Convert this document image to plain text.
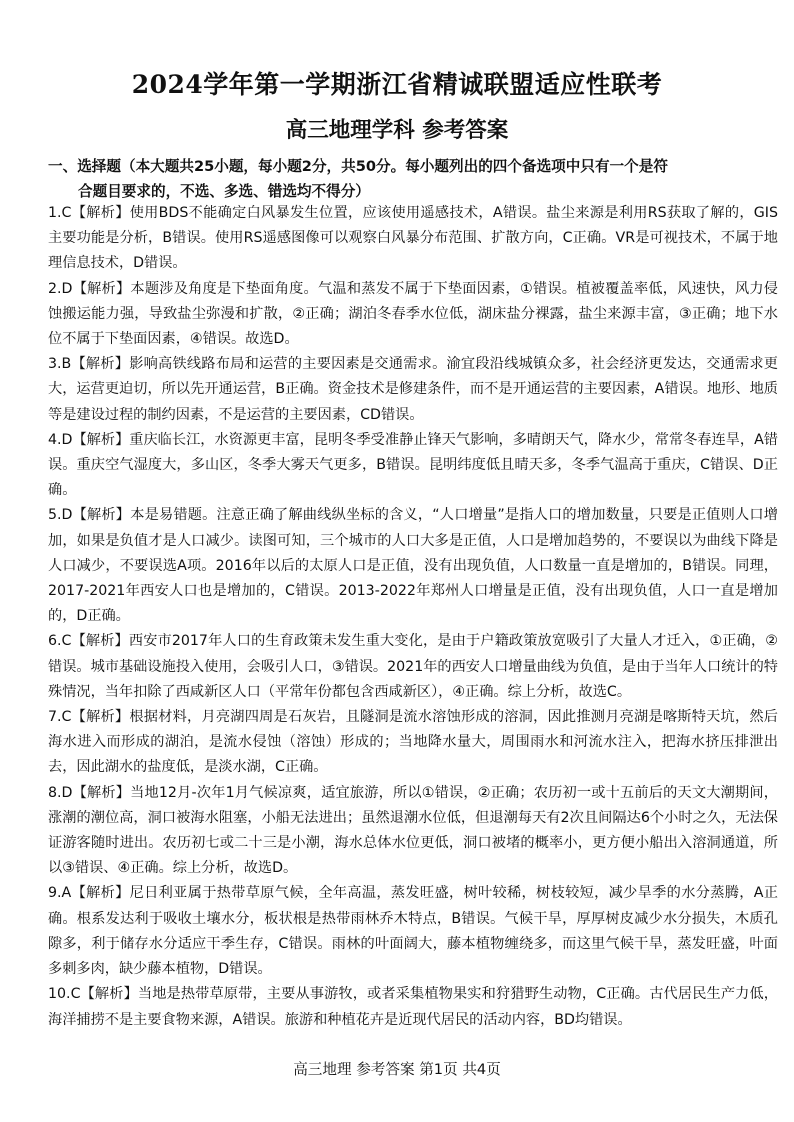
2024学年第一学期浙江省精诚联盟适应性联考
高三地理学科 参考答案
一、选择题（本大题共25小题，每小题2分，共50分。每小题列出的四个备选项中只有一个是符
合题目要求的，不选、多选、错选均不得分）

1.C【解析】使用BDS不能确定白风暴发生位置，应该使用遥感技术，A错误。盐尘来源是利用RS获取了解的，GIS主要功能是分析，B错误。使用RS遥感图像可以观察白风暴分布范围、扩散方向，C正确。VR是可视技术，不属于地理信息技术，D错误。

2.D【解析】本题涉及角度是下垫面角度。气温和蒸发不属于下垫面因素，①错误。植被覆盖率低，风速快，风力侵蚀搬运能力强，导致盐尘弥漫和扩散，②正确；湖泊冬春季水位低，湖床盐分裸露，盐尘来源丰富，③正确；地下水位不属于下垫面因素，④错误。故选D。

3.B【解析】影响高铁线路布局和运营的主要因素是交通需求。渝宜段沿线城镇众多，社会经济更发达，交通需求更大，运营更迫切，所以先开通运营，B正确。资金技术是修建条件，而不是开通运营的主要因素，A错误。地形、地质等是建设过程的制约因素，不是运营的主要因素，CD错误。

4.D【解析】重庆临长江，水资源更丰富，昆明冬季受准静止锋天气影响，多晴朗天气，降水少，常常冬春连旱，A错误。重庆空气湿度大，多山区，冬季大雾天气更多，B错误。昆明纬度低且晴天多，冬季气温高于重庆，C错误、D正确。

5.D【解析】本是易错题。注意正确了解曲线纵坐标的含义，“人口增量”是指人口的增加数量，只要是正值则人口增加，如果是负值才是人口减少。读图可知，三个城市的人口大多是正值，人口是增加趋势的，不要误以为曲线下降是人口减少，不要误选A项。2016年以后的太原人口是正值，没有出现负值，人口数量一直是增加的，B错误。同理，2017-2021年西安人口也是增加的，C错误。2013-2022年郑州人口增量是正值，没有出现负值，人口一直是增加的，D正确。

6.C【解析】西安市2017年人口的生育政策未发生重大变化，是由于户籍政策放宽吸引了大量人才迁入，①正确，②错误。城市基础设施投入使用，会吸引人口，③错误。2021年的西安人口增量曲线为负值，是由于当年人口统计的特殊情况，当年扣除了西咸新区人口（平常年份都包含西咸新区），④正确。综上分析，故选C。

7.C【解析】根据材料，月亮湖四周是石灰岩，且隧洞是流水溶蚀形成的溶洞，因此推测月亮湖是喀斯特天坑，然后海水进入而形成的湖泊，是流水侵蚀（溶蚀）形成的；当地降水量大，周围雨水和河流水注入，把海水挤压排泄出去，因此湖水的盐度低，是淡水湖，C正确。

8.D【解析】当地12月-次年1月气候凉爽，适宜旅游，所以①错误，②正确；农历初一或十五前后的天文大潮期间，涨潮的潮位高，洞口被海水阻塞，小船无法进出；虽然退潮水位低，但退潮每天有2次且间隔达6个小时之久，无法保证游客随时进出。农历初七或二十三是小潮，海水总体水位更低，洞口被堵的概率小，更方便小船出入溶洞通道，所以③错误、④正确。综上分析，故选D。

9.A【解析】尼日利亚属于热带草原气候，全年高温，蒸发旺盛，树叶较稀，树枝较短，减少旱季的水分蒸腾，A正确。根系发达利于吸收土壤水分，板状根是热带雨林乔木特点，B错误。气候干旱，厚厚树皮减少水分损失，木质孔隙多，利于储存水分适应干季生存，C错误。雨林的叶面阔大，藤本植物缠绕多，而这里气候干旱，蒸发旺盛，叶面多刺多肉，缺少藤本植物，D错误。

10.C【解析】当地是热带草原带，主要从事游牧，或者采集植物果实和狩猎野生动物，C正确。古代居民生产力低，海洋捕捞不是主要食物来源，A错误。旅游和种植花卉是近现代居民的活动内容，BD均错误。

高三地理 参考答案 第1页 共4页
